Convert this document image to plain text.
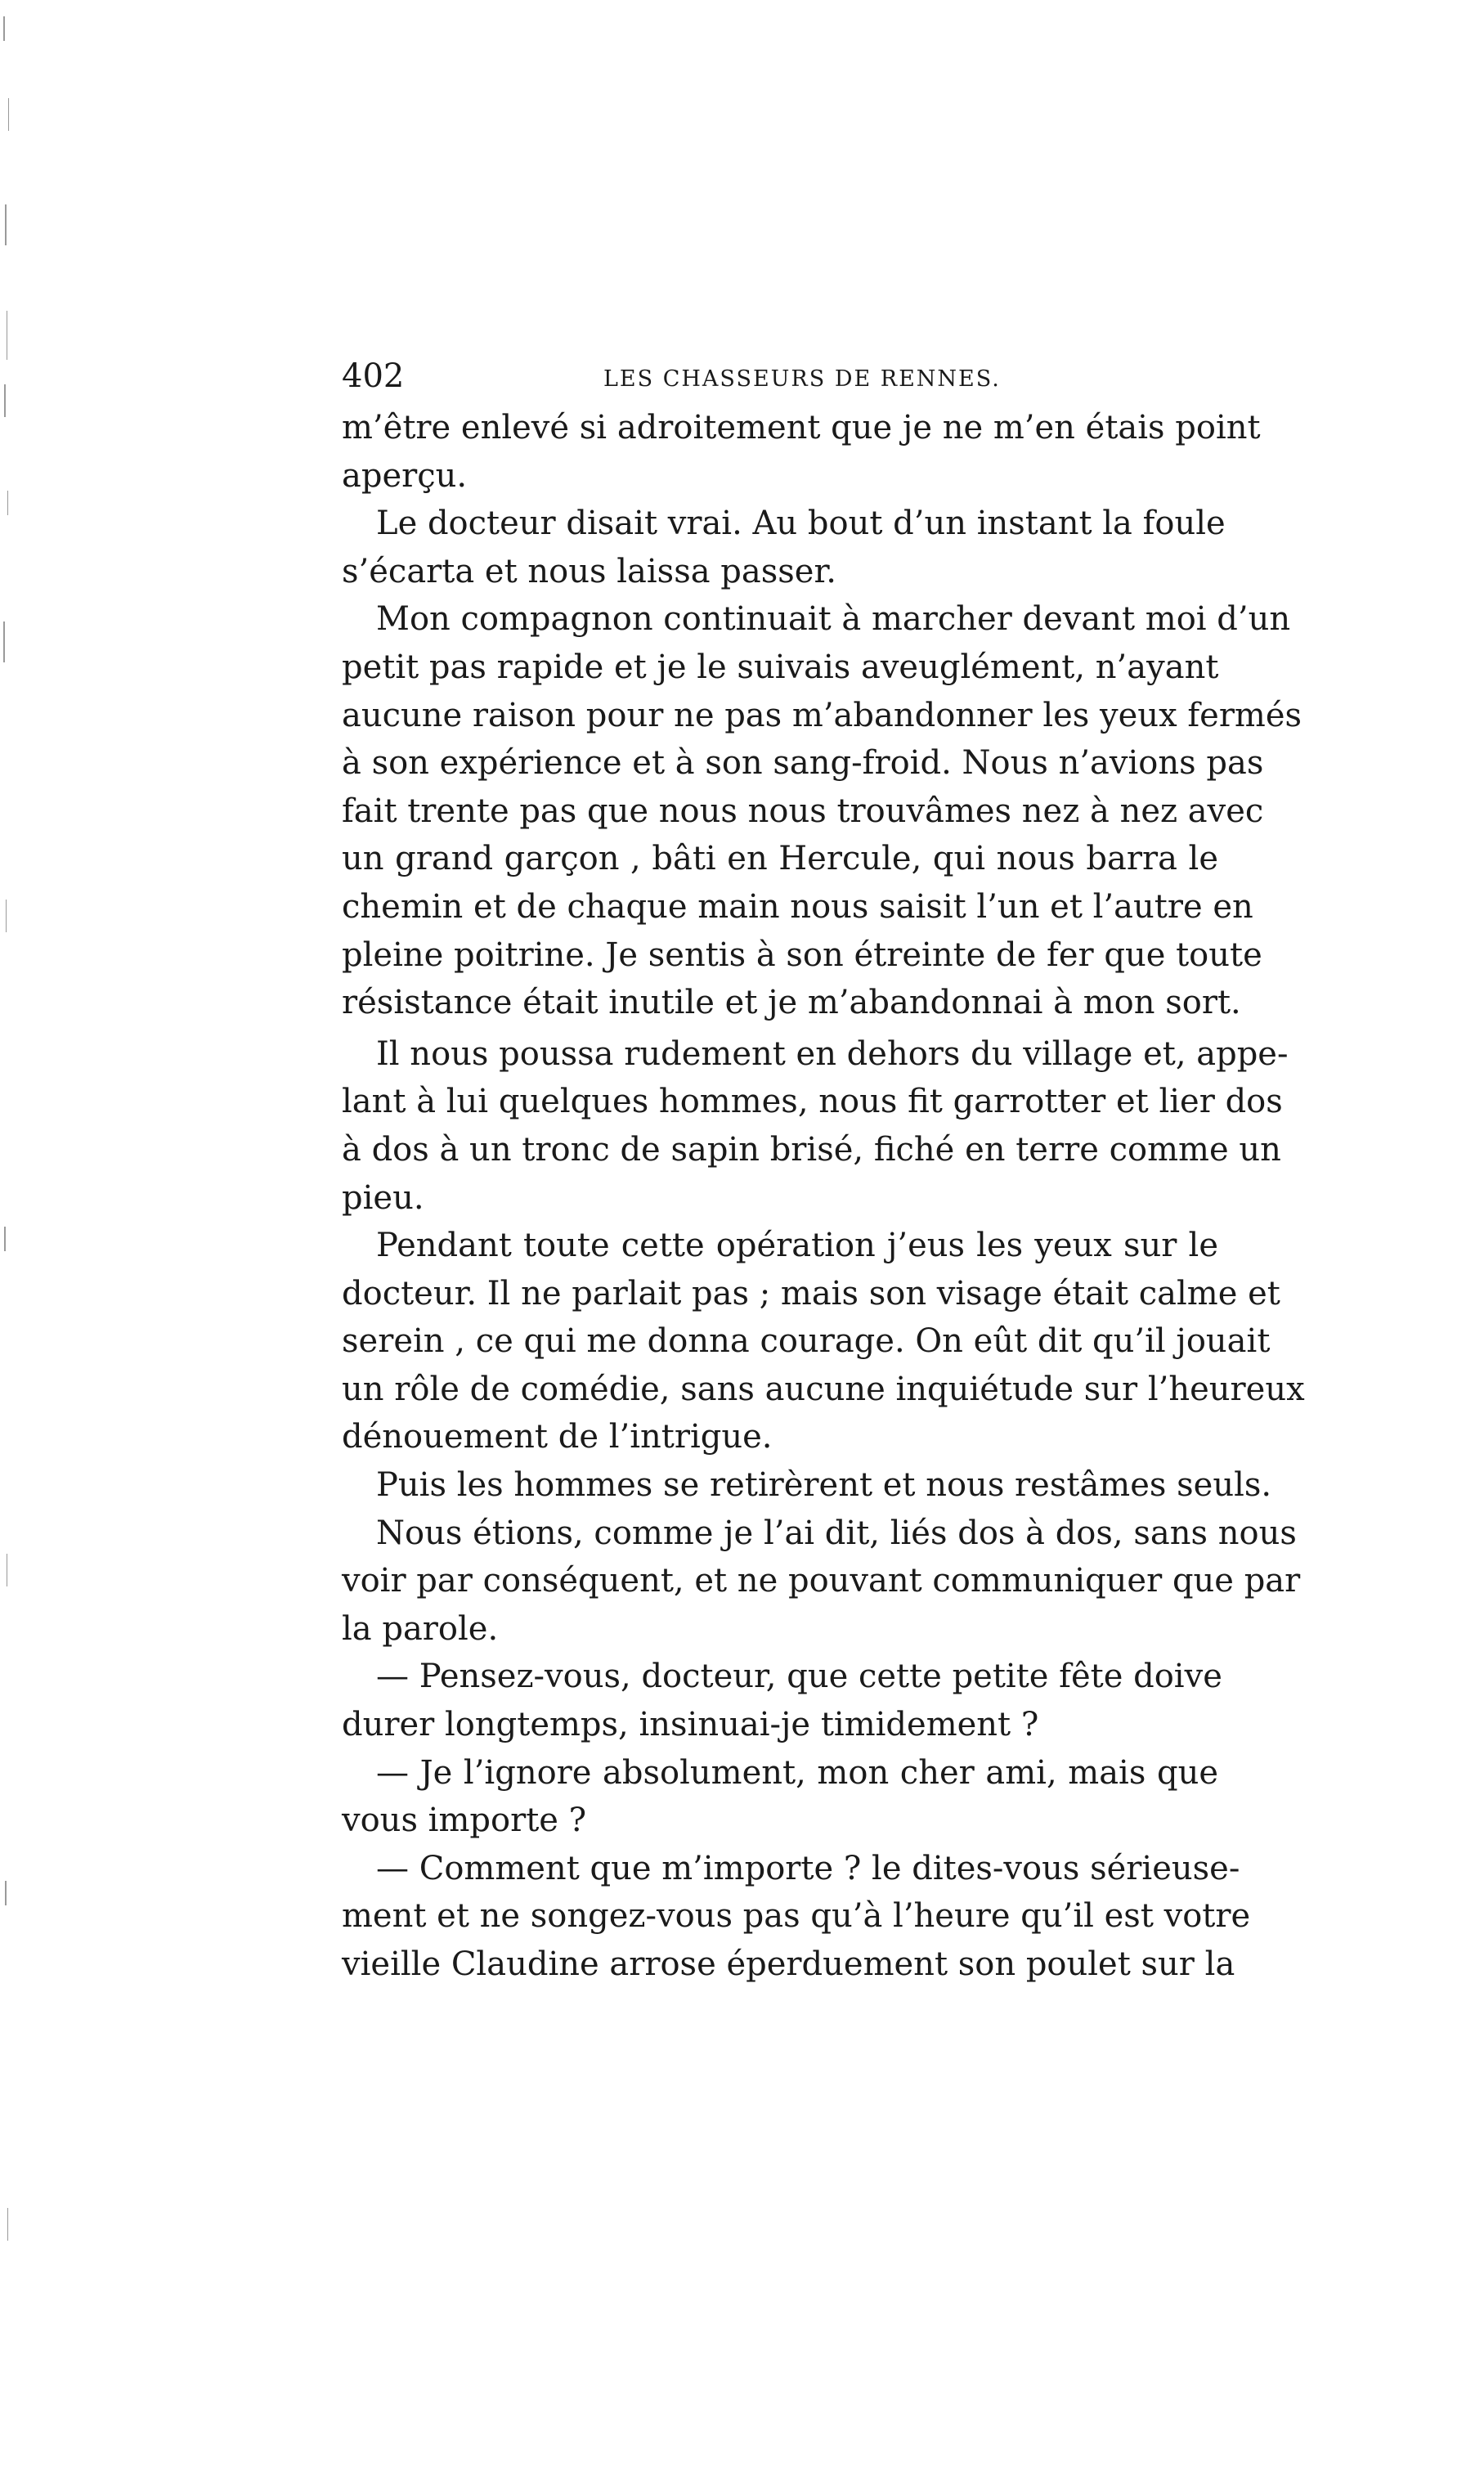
402	LES CHASSEURS DE RENNES.

m’être enlevé si adroitement que je ne m’en étais point
aperçu.

Le docteur disait vrai. Au bout d’un instant la foule
s’écarta et nous laissa passer.

Mon compagnon continuait à marcher devant moi d’un
petit pas rapide et je le suivais aveuglément, n’ayant
aucune raison pour ne pas m’abandonner les yeux fermés
à son expérience et à son sang-froid. Nous n’avions pas
fait trente pas que nous nous trouvâmes nez à nez avec
un grand garçon , bâti en Hercule, qui nous barra le
chemin et de chaque main nous saisit l’un et l’autre en
pleine poitrine. Je sentis à son étreinte de fer que toute
résistance était inutile et je m’abandonnai à mon sort.

Il nous poussa rudement en dehors du village et, appe-
lant à lui quelques hommes, nous fit garrotter et lier dos
à dos à un tronc de sapin brisé, fiché en terre comme un
pieu.

Pendant toute cette opération j’eus les yeux sur le
docteur. Il ne parlait pas ; mais son visage était calme et
serein , ce qui me donna courage. On eût dit qu’il jouait
un rôle de comédie, sans aucune inquiétude sur l’heureux
dénouement de l’intrigue.

Puis les hommes se retirèrent et nous restâmes seuls.

Nous étions, comme je l’ai dit, liés dos à dos, sans nous
voir par conséquent, et ne pouvant communiquer que par
la parole.

— Pensez-vous, docteur, que cette petite fête doive
durer longtemps, insinuai-je timidement ?

— Je l’ignore absolument, mon cher ami, mais que
vous importe ?

— Comment que m’importe ? le dites-vous sérieuse-
ment et ne songez-vous pas qu’à l’heure qu’il est votre
vieille Claudine arrose éperduement son poulet sur la
